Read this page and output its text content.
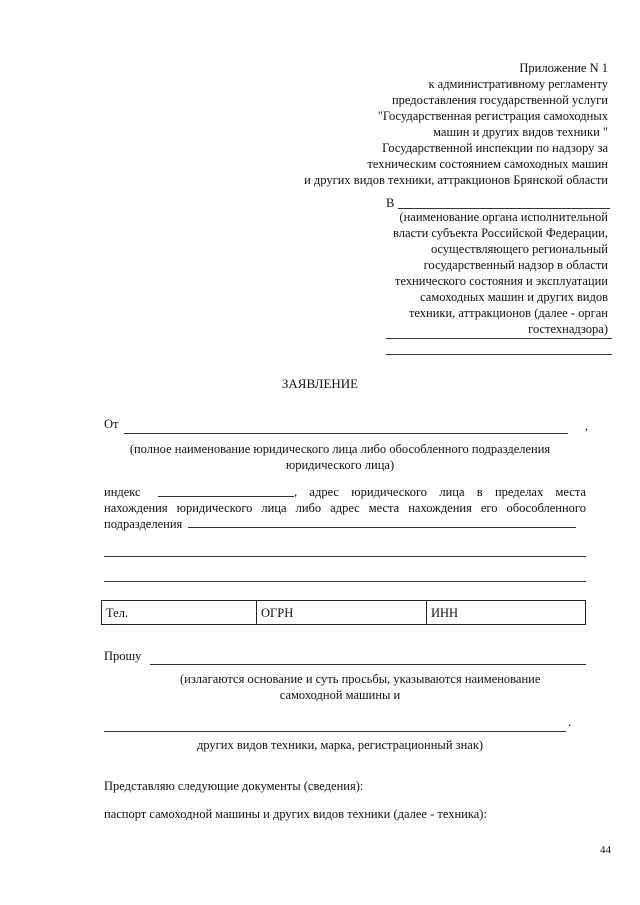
Приложение N 1
к административному регламенту
предоставления государственной услуги
"Государственная регистрация самоходных
машин и других видов техники "
Государственной инспекции по надзору за
техническим состоянием самоходных машин
и других видов техники, аттракционов Брянской области
В
(наименование органа исполнительной
власти субъекта Российской Федерации,
осуществляющего региональный
государственный надзор в области
технического состояния и эксплуатации
самоходных машин и других видов
техники, аттракционов (далее - орган
гостехнадзора)
ЗАЯВЛЕНИЕ
От	,
(полное наименование юридического лица либо обособленного подразделения
юридического лица)
индекс	, адрес юридического лица в пределах места
нахождения юридического лица либо адрес места нахождения его обособленного
подразделения
Тел.	ОГРН	ИНН
Прошу
(излагаются основание и суть просьбы, указываются наименование
самоходной машины и
.
других видов техники, марка, регистрационный знак)
Представляю следующие документы (сведения):
паспорт самоходной машины и других видов техники (далее - техника):
44
